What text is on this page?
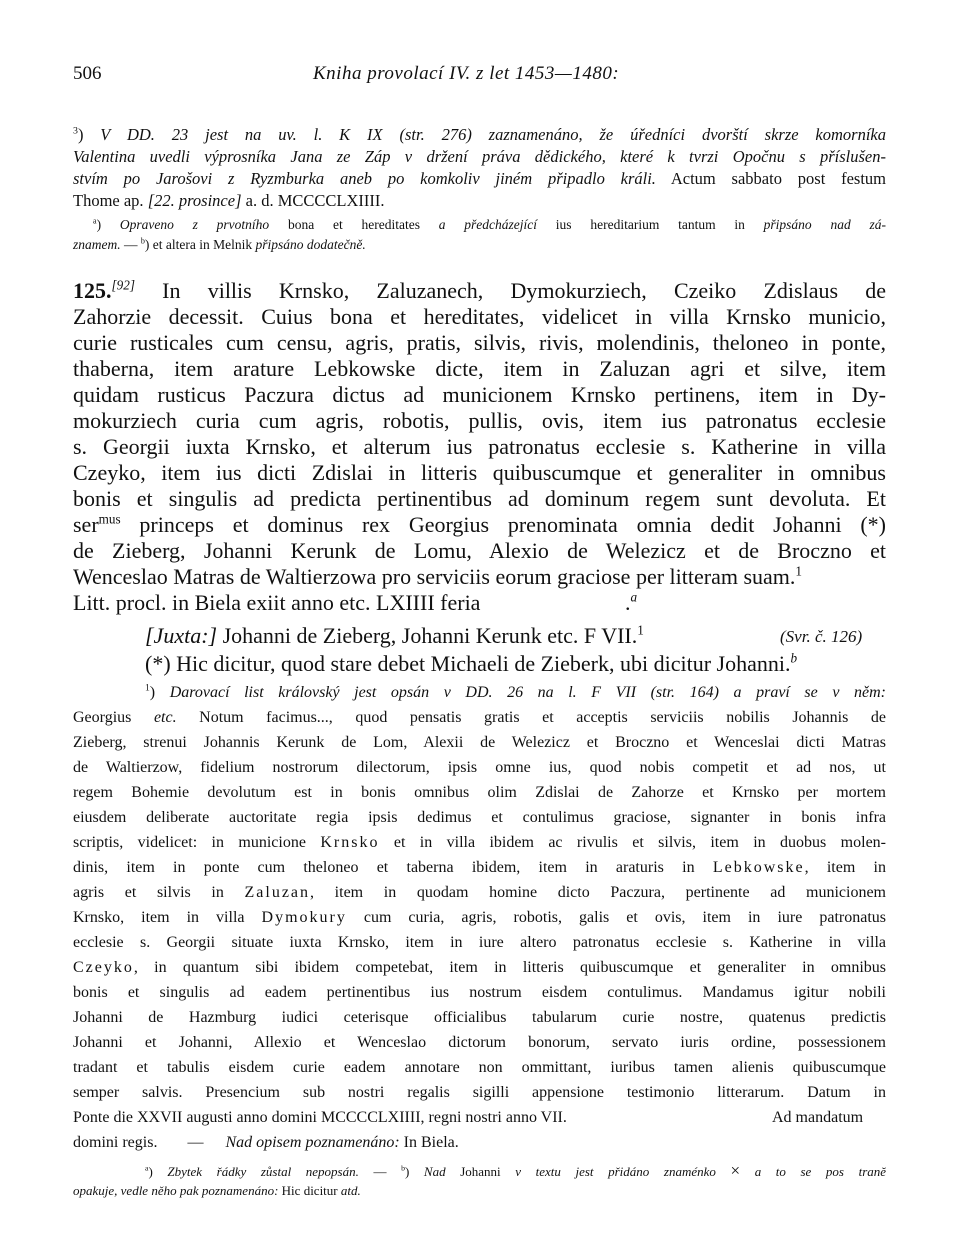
506	Kniha provolací IV. z let 1453—1480:
$^3$) V DD. 23 jest na uv. l. K IX (str. 276) zaznamenáno, že úředníci dvorští skrze komorníka
Valentina uvedli výprosníka Jana ze Záp v držení práva dědického, které k tvrzi Opočnu s příslušen-
stvím po Jarošovi z Ryzmburka aneb po komkoliv jiném připadlo králi. Actum sabbato post festum
Thome ap. [22. prosince] a. d. MCCCCLXIIII.
$^a$) Opraveno z prvotního bona et hereditates a předcházející ius hereditarium tantum in připsáno nad zá-
znamem. — $^b$) et altera in Melnik připsáno dodatečně.
125.[92] In villis Krnsko, Zaluzanech, Dymokurziech, Czeiko Zdislaus de
Zahorzie decessit. Cuius bona et hereditates, videlicet in villa Krnsko municio,
curie rusticales cum censu, agris, pratis, silvis, rivis, molendinis, theloneo in ponte,
thaberna, item arature Lebkowske dicte, item in Zaluzan agri et silve, item
quidam rusticus Paczura dictus ad municionem Krnsko pertinens, item in Dy-
mokurziech curia cum agris, robotis, pullis, ovis, item ius patronatus ecclesie
s. Georgii iuxta Krnsko, et alterum ius patronatus ecclesie s. Katherine in villa
Czeyko, item ius dicti Zdislai in litteris quibuscumque et generaliter in omnibus
bonis et singulis ad predicta pertinentibus ad dominum regem sunt devoluta. Et
ser$^{mus}$ princeps et dominus rex Georgius prenominata omnia dedit Johanni (*)
de Zieberg, Johanni Kerunk de Lomu, Alexio de Welezicz et de Broczno et
Wenceslao Matras de Waltierzowa pro serviciis eorum graciose per litteram suam.$^1$
Litt. procl. in Biela exiit anno etc. LXIIII feria	.$^a$
[Juxta:] Johanni de Zieberg, Johanni Kerunk etc. F VII.$^1$	(Svr. č. 126)
(*) Hic dicitur, quod stare debet Michaeli de Zieberk, ubi dicitur Johanni.$^b$
$^1$) Darovací list královský jest opsán v DD. 26 na l. F VII (str. 164) a praví se v něm:
Georgius etc. Notum facimus..., quod pensatis gratis et acceptis serviciis nobilis Johannis de
Zieberg, strenui Johannis Kerunk de Lom, Alexii de Welezicz et Broczno et Wenceslai dicti Matras
de Waltierzow, fidelium nostrorum dilectorum, ipsis omne ius, quod nobis competit et ad nos, ut
regem Bohemie devolutum est in bonis omnibus olim Zdislai de Zahorze et Krnsko per mortem
eiusdem deliberate auctoritate regia ipsis dedimus et contulimus graciose, signanter in bonis infra
scriptis, videlicet: in municione Krnsko et in villa ibidem ac rivulis et silvis, item in duobus molen-
dinis, item in ponte cum theloneo et taberna ibidem, item in araturis in Lebkowske, item in
agris et silvis in Zaluzan, item in quodam homine dicto Paczura, pertinente ad municionem
Krnsko, item in villa Dymokury cum curia, agris, robotis, galis et ovis, item in iure patronatus
ecclesie s. Georgii situate iuxta Krnsko, item in iure altero patronatus ecclesie s. Katherine in villa
Czeyko, in quantum sibi ibidem competebat, item in litteris quibuscumque et generaliter in omnibus
bonis et singulis ad eadem pertinentibus ius nostrum eisdem contulimus. Mandamus igitur nobili
Johanni de Hazmburg iudici ceterisque officialibus tabularum curie nostre, quatenus predictis
Johanni et Johanni, Allexio et Wenceslao dictorum bonorum, servato iuris ordine, possessionem
tradant et tabulis eisdem curie eadem annotare non ommittant, iuribus tamen alienis quibuscumque
semper salvis. Presencium sub nostri regalis sigilli appensione testimonio litterarum. Datum in
Ponte die XXVII augusti anno domini MCCCCLXIIII, regni nostri anno VII.	Ad mandatum
domini regis. — Nad opisem poznamenáno: In Biela.
$^a$) Zbytek řádky zůstal nepopsán. — $^b$) Nad Johanni v textu jest přidáno znaménko × a to se pos tranĕ
opakuje, vedle něho pak poznamenáno: Hic dicitur atd.
